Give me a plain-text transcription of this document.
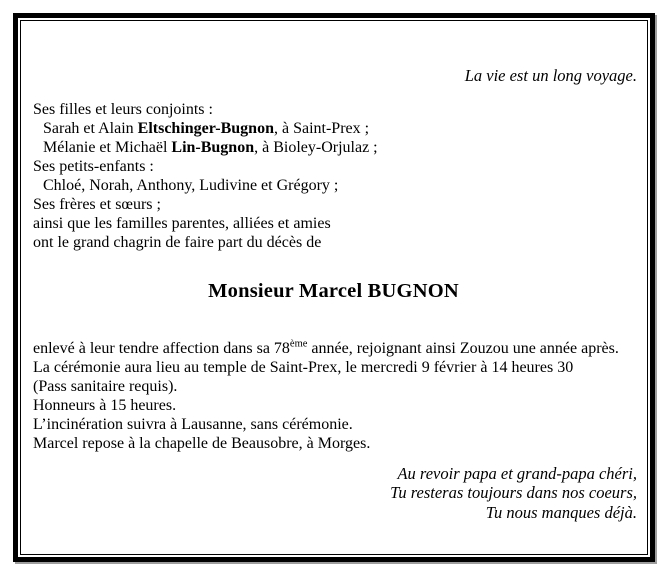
La vie est un long voyage.
Ses filles et leurs conjoints :
Sarah et Alain Eltschinger-Bugnon, à Saint-Prex ;
Mélanie et Michaël Lin-Bugnon, à Bioley-Orjulaz ;
Ses petits-enfants :
Chloé, Norah, Anthony, Ludivine et Grégory ;
Ses frères et sœurs ;
ainsi que les familles parentes, alliées et amies
ont le grand chagrin de faire part du décès de
Monsieur Marcel BUGNON
enlevé à leur tendre affection dans sa 78ème année, rejoignant ainsi Zouzou une année après.
La cérémonie aura lieu au temple de Saint-Prex, le mercredi 9 février à 14 heures 30
(Pass sanitaire requis).
Honneurs à 15 heures.
L’incinération suivra à Lausanne, sans cérémonie.
Marcel repose à la chapelle de Beausobre, à Morges.
Au revoir papa et grand-papa chéri,
Tu resteras toujours dans nos coeurs,
Tu nous manques déjà.
